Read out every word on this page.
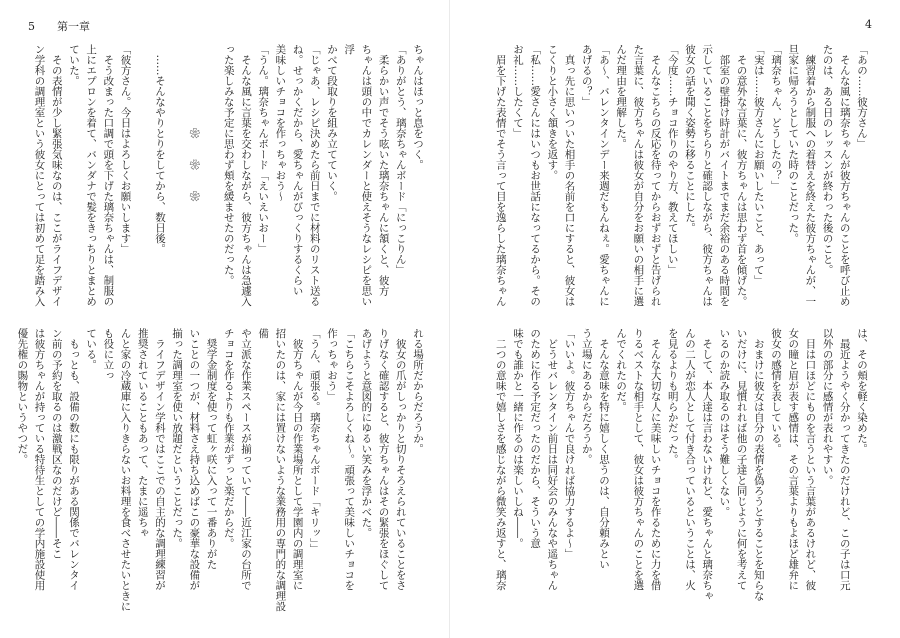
5 第一章

ちゃんはほっと息をつく。

「ありがとう、璃奈ちゃんボード「にっこりん」

　柔らかい声でそう呟いた璃奈ちゃんに頷くと、彼方

ちゃんは頭の中でカレンダーと使えそうなレシピを思い浮

かべて段取りを組み立てていく。

「じゃあ、レシピ決めたら前日までに材料のリスト送る

ね。せっかくだから、愛ちゃんがびっくりするくらい

美味しいチョコを作っちゃおう～

「うん。璃奈ちゃんボード「えいえいおー」

　そんな風に言葉を交わしながら、彼方ちゃんは急遽入

った楽しみな予定に思わず頬を緩ませたのだった。

　　　　　　　　❀　　❀　　❀

　……そんなやりとりをしてから、数日後。

「彼方さん。今日はよろしくお願いします」

　そう改まった口調で頭を下げた璃奈ちゃんは、制服の

上にエプロンを着て、バンダナで髪をきっちりとまとめ

ていた。

　その表情が少し緊張気味なのは、ここがライフデザイ

ン学科の調理室という彼女にとっては初めて足を踏み入

れる場所だからだろうか。

　彼女の爪がしっかりと切りそろえられていることをさ

りげなく確認すると、彼方ちゃんはその緊張をほぐして

あげようと意図的にゆるい笑みを浮かべた。

「こちらこそよろしくね～。頑張って美味しいチョコを

作っちゃおう」

「うん、頑張る。璃奈ちゃんボード「キリッ」」

　彼方ちゃんが今日の作業場所として学園内の調理室に

招いたのは、家には置けないような業務用の専門的な調理設備

や立派な作業スペースが揃っていて――近江家の台所で

チョコを作るよりも作業がずっと楽だからだ。

　奨学金制度を使って虹ヶ咲に入って一番ありがた

いことの一つが、材料さえ持ち込めばこの豪華な設備が

揃った調理室を使い放題だということだった。

　ライフデザイン学科ではここでの自主的な調理練習が

推奨されていることもあって、たまに遥ちゃ

んと家の冷蔵庫に入りきらないお料理を食べさせたいときにも役に立っ

ている。

　もっとも、設備の数にも限りがある関係でバレンタイ

ン前の予約を取るのは激戦区なのだけど――そこ

は彼方ちゃんが持っている特待生としての学内施設使用

優先権の賜物というやつだ。

4

「あの……彼方さん」

　そんな風に璃奈ちゃんが彼方ちゃんのことを呼び止め

たのは、ある日のレッスンが終わった後のこと。

　練習着から制服への着替えを終えた彼方ちゃんが、一

旦家に帰ろうとしていた時のことだった。

「璃奈ちゃん、どうしたの？」

「実は……彼方さんにお願いしたいこと、あって」

　その意外な言葉に、彼方ちゃんは思わず首を傾げた。

　部室の壁掛け時計がバイトまでまだ余裕のある時間を

示していることをちらりと確認しながら、彼方ちゃんは

彼女の話を聞く姿勢に移ることにした。

「今度……チョコ作りのやり方、教えてほしい」

　そんなこちらの反応を待ってからおずおずと告げられ

た言葉に、彼方ちゃんは彼女が自分をお願いの相手に選

んだ理由を理解した。

「あ～、バレンタインデー来週だもんねぇ。愛ちゃんに

あげるの？」

　真っ先に思いついた相手の名前を口にすると、彼女は

こくりと小さく頷きを返す。

「私……愛さんにはいつもお世話になってるから。その

お礼……したくて」

　眉を下げた表情でそう言って目を逸らした璃奈ちゃん

は、その頬を軽く染めた。

　最近ようやく分かってきたのだけれど、この子は口元

以外の部分に感情が表れやすい。

　目は口ほどにものを言うという言葉があるけれど、彼

女の瞳と眉が表す感情は、その言葉よりもよほど雄弁に

彼女の感情を表している。

　おまけに彼女は自分の表情を偽ろうとすることを知らな

いだけに、見慣れれば他の子達と同じように何を考えて

いるのか読み取るのはそう難しくない。

　そして、本人達は言わないけれど、愛ちゃんと璃奈ちゃ

んの二人が恋人として付き合っているということは、火

を見るよりも明らかだった。

　そんな大切な人に美味しいチョコを作るために力を借

りるベストな相手として、彼女は彼方ちゃんのことを選

んでくれたのだ。

　そんな意味を特に嬉しく思うのは、自分頼みとい

う立場にあるからだろうか。

「いいよ。彼方ちゃんで良ければ協力するよ～」

　どうせバレンタイン前日は同好会のみんなや遥ちゃん

のために作る予定だったのだから、そういう意

味でも誰かと一緒に作るのは楽しいしね――。

　二つの意味で嬉しさを感じながら微笑み返すと、璃奈
